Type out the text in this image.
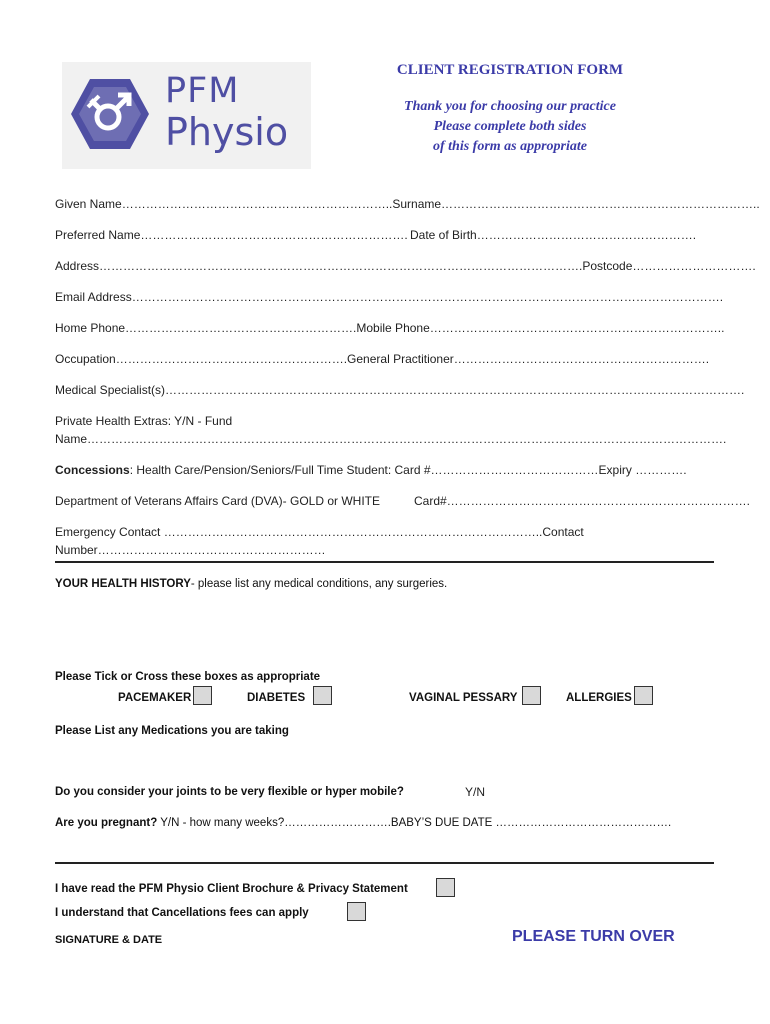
PFM
Physio
CLIENT REGISTRATION FORM
Thank you for choosing our practice
Please complete both sides
of this form as appropriate
Given Name…………………………………………………………..Surname……………………………………………………………………..
Preferred Name…………………………………………………………. Date of Birth……………………………………………….
Address………………………………………………………………………………………………………….Postcode………………………….
Email Address………………………………………………………………………………………………………………………………….
Home Phone………………………………………………….Mobile Phone………………………………………………………………..
Occupation………………………………………………….General Practitioner……………………………………………………….
Medical Specialist(s)……………………………………………………………………………………………………………………………….
Private Health Extras: Y/N - Fund
Name…………………………………………………………………………………………………………………………………………….
Concessions: Health Care/Pension/Seniors/Full Time Student: Card #……………………………………Expiry ………….
Department of Veterans Affairs Card (DVA)- GOLD or WHITE	Card#………………………………………………………………….
Emergency Contact …………………………………………………………………………………..Contact
Number…………………………………………………
YOUR HEALTH HISTORY- please list any medical conditions, any surgeries.
Please Tick or Cross these boxes as appropriate
PACEMAKER	DIABETES	VAGINAL PESSARY	ALLERGIES
Please List any Medications you are taking
Do you consider your joints to be very flexible or hyper mobile?	Y/N
Are you pregnant? Y/N - how many weeks?……………………….BABY’S DUE DATE ……………………………………….
I have read the PFM Physio Client Brochure & Privacy Statement
I understand that Cancellations fees can apply
SIGNATURE & DATE	PLEASE TURN OVER
